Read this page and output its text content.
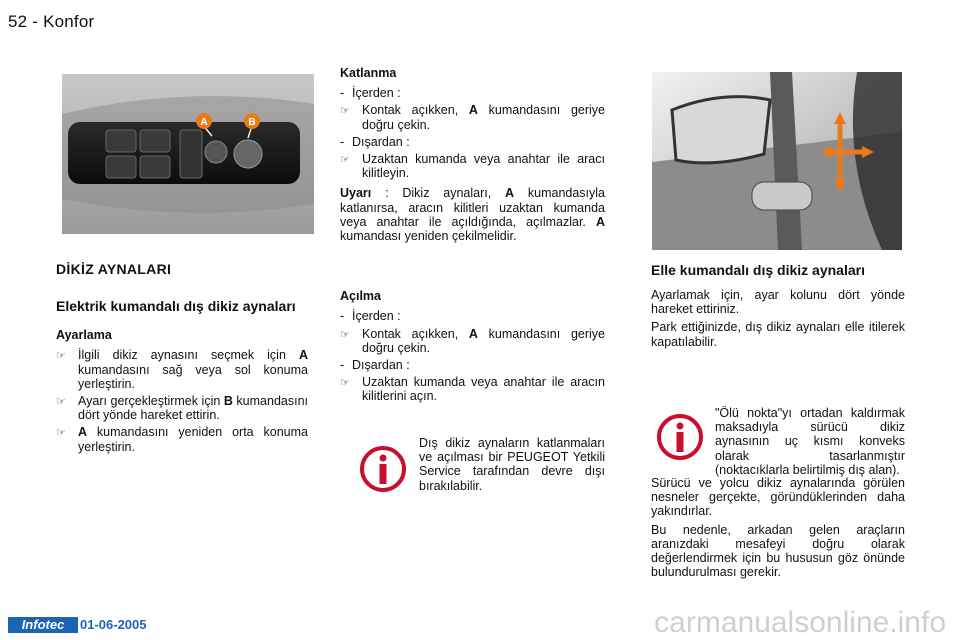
52 - Konfor
A	B
DİKİZ AYNALARI
Elektrik kumandalı dış dikiz aynaları
Ayarlama
☞ İlgili dikiz aynasını seçmek için A kumandasını sağ veya sol konumа yerleştirin.
☞ Ayarı gerçekleştirmek için B kumandasını dört yönde hareket ettirin.
☞ A kumandasını yeniden orta konuma yerleştirin.
Katlanma
- İçerden :
☞ Kontak açıkken, A kumandasını geriye doğru çekin.
- Dışardan :
☞ Uzaktan kumanda veya anahtar ile aracı kilitleyin.

Uyarı : Dikiz aynaları, A kumandasıyla katlanırsa, aracın kilitleri uzaktan kumanda veya anahtar ile açıldığında, açılmazlar. A kumandası yeniden çekilmelidir.

Açılma
- İçerden :
☞ Kontak açıkken, A kumandasını geriye doğru çekin.
- Dışardan :
☞ Uzaktan kumanda veya anahtar ile aracın kilitlerini açın.

Dış dikiz aynaların katlanmaları ve açılması bir PEUGEOT Yetkili Service tarafından devre dışı bırakılabilir.

Elle kumandalı dış dikiz aynaları

Ayarlamak için, ayar kolunu dört yönde hareket ettiriniz.

Park ettiğinizde, dış dikiz aynaları elle itilerek kapatılabilir.

"Ölü nokta"yı ortadan kaldırmak maksadıyla sürücü dikiz aynasının uç kısmı konveks olarak tasarlanmıştır (noktacıklarla belirtilmiş dış alan).

Sürücü ve yolcu dikiz aynalarında görülen nesneler gerçekte, göründüklerinden daha yakındırlar.

Bu nedenle, arkadan gelen araçların aranızdaki mesafeyi doğru olarak değerlendirmek için bu hususun göz önünde bulundurulması gerekir.

Infotec	01-06-2005	carmanualsonline.info
